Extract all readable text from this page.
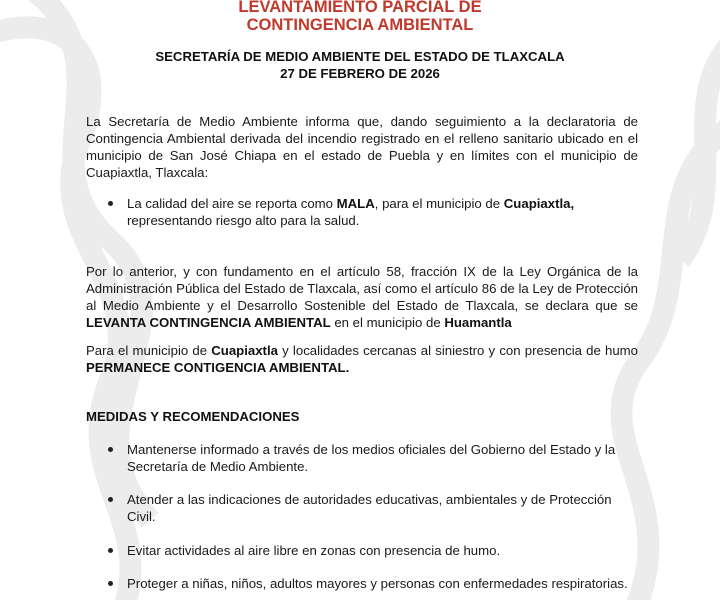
LEVANTAMIENTO PARCIAL DE
CONTINGENCIA AMBIENTAL
SECRETARÍA DE MEDIO AMBIENTE DEL ESTADO DE TLAXCALA
27 DE FEBRERO DE 2026
La Secretaría de Medio Ambiente informa que, dando seguimiento a la declaratoria de Contingencia Ambiental derivada del incendio registrado en el relleno sanitario ubicado en el municipio de San José Chiapa en el estado de Puebla y en límites con el municipio de Cuapiaxtla, Tlaxcala:
La calidad del aire se reporta como MALA, para el municipio de Cuapiaxtla, representando riesgo alto para la salud.
Por lo anterior, y con fundamento en el artículo 58, fracción IX de la Ley Orgánica de la Administración Pública del Estado de Tlaxcala, así como el artículo 86 de la Ley de Protección al Medio Ambiente y el Desarrollo Sostenible del Estado de Tlaxcala, se declara que se LEVANTA CONTINGENCIA AMBIENTAL en el municipio de Huamantla
Para el municipio de Cuapiaxtla y localidades cercanas al siniestro y con presencia de humo PERMANECE CONTIGENCIA AMBIENTAL.
MEDIDAS Y RECOMENDACIONES
Mantenerse informado a través de los medios oficiales del Gobierno del Estado y la Secretaría de Medio Ambiente.
Atender a las indicaciones de autoridades educativas, ambientales y de Protección Civil.
Evitar actividades al aire libre en zonas con presencia de humo.
Proteger a niñas, niños, adultos mayores y personas con enfermedades respiratorias.
